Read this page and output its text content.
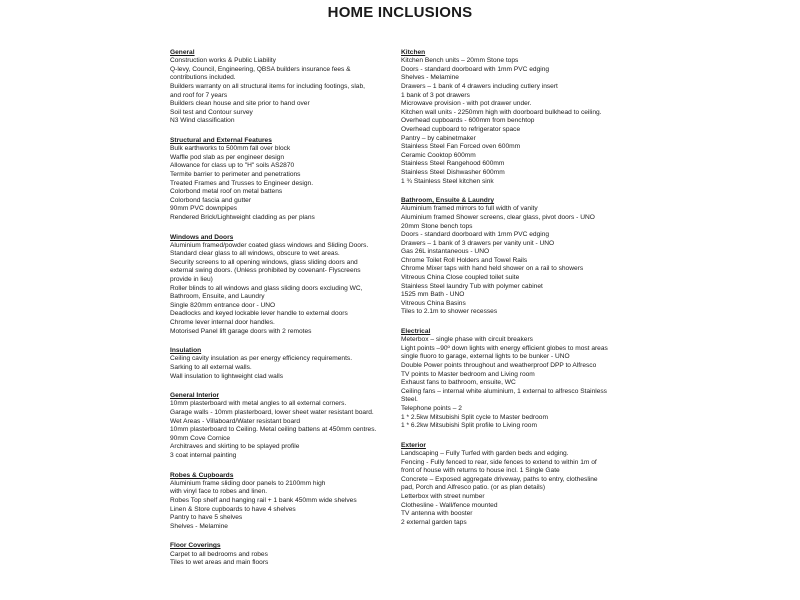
HOME INCLUSIONS
General
Construction works & Public Liability
Q-levy, Council, Engineering, QBSA builders insurance fees &
contributions included.
Builders warranty on all structural items for including footings, slab,
and roof for 7 years
Builders clean house and site prior to hand over
Soil test and Contour survey
N3 Wind classification
Structural and External Features
Bulk earthworks to 500mm fall over block
Waffle pod slab as per engineer design
Allowance for class up to "H" soils AS2870
Termite barrier to perimeter and penetrations
Treated Frames and Trusses to Engineer design.
Colorbond metal roof on metal battens
Colorbond fascia and gutter
90mm PVC downpipes
Rendered Brick/Lightweight cladding as per plans
Windows and Doors
Aluminium framed/powder coated glass windows and Sliding Doors.
Standard clear glass to all windows, obscure to wet areas.
Security screens to all opening windows, glass sliding doors and
external swing doors. (Unless prohibited by covenant- Flyscreens
provide in lieu)
Roller blinds to all windows and glass sliding doors excluding WC,
Bathroom, Ensuite, and Laundry
Single 820mm entrance door - UNO
Deadlocks and keyed lockable lever handle to external doors
Chrome lever internal door handles.
Motorised Panel lift garage doors with 2 remotes
Insulation
Ceiling cavity insulation as per energy efficiency requirements.
Sarking to all external walls.
Wall insulation to lightweight clad walls
General Interior
10mm plasterboard with metal angles to all external corners.
Garage walls - 10mm plasterboard, lower sheet water resistant board.
Wet Areas - Villaboard/Water resistant board
10mm plasterboard to Ceiling. Metal ceiling battens at 450mm centres.
90mm Cove Cornice
Architraves and skirting to be splayed profile
3 coat internal painting
Robes & Cupboards
Aluminium frame sliding door panels to 2100mm high
with vinyl face to robes and linen.
Robes Top shelf and hanging rail + 1 bank 450mm wide shelves
Linen & Store cupboards to have 4 shelves
Pantry to have 5 shelves
Shelves - Melamine
Floor Coverings
Carpet to all bedrooms and robes
Tiles to wet areas and main floors
Kitchen
Kitchen Bench units – 20mm Stone tops
Doors - standard doorboard with 1mm PVC edging
Shelves - Melamine
Drawers – 1 bank of 4 drawers including cutlery insert
1 bank of 3 pot drawers
Microwave provision - with pot drawer under.
Kitchen wall units - 2250mm high with doorboard bulkhead to ceiling.
Overhead cupboards - 600mm from benchtop
Overhead cupboard to refrigerator space
Pantry – by cabinetmaker
Stainless Steel Fan Forced oven 600mm
Ceramic Cooktop 600mm
Stainless Steel Rangehood 600mm
Stainless Steel Dishwasher 600mm
1 ¾ Stainless Steel kitchen sink
Bathroom, Ensuite & Laundry
Aluminium framed mirrors to full width of vanity
Aluminium framed Shower screens, clear glass, pivot doors - UNO
20mm Stone bench tops
Doors - standard doorboard with 1mm PVC edging
Drawers – 1 bank of 3 drawers per vanity unit - UNO
Gas 26L instantaneous - UNO
Chrome Toilet Roll Holders and Towel Rails
Chrome Mixer taps with hand held shower on a rail to showers
Vitreous China Close coupled toilet suite
Stainless Steel laundry Tub with polymer cabinet
1525 mm Bath - UNO
Vitreous China Basins
Tiles to 2.1m to shower recesses
Electrical
Meterbox – single phase with circuit breakers
Light points –90º down lights with energy efficient globes to most areas
single fluoro to garage, external lights to be bunker - UNO
Double Power points throughout and weatherproof DPP to Alfresco
TV points to Master bedroom and Living room
Exhaust fans to bathroom, ensuite, WC
Ceiling fans – internal white aluminium, 1 external to alfresco Stainless
Steel.
Telephone points – 2
1 * 2.5kw Mitsubishi Split cycle to Master bedroom
1 * 6.2kw Mitsubishi Split profile to Living room
Exterior
Landscaping – Fully Turfed with garden beds and edging.
Fencing - Fully fenced to rear, side fences to extend to within 1m of
front of house with returns to house incl. 1 Single Gate
Concrete – Exposed aggregate driveway, paths to entry, clothesline
pad, Porch and Alfresco patio. (or as plan details)
Letterbox with street number
Clothesline - Wall/fence mounted
TV antenna with booster
2 external garden taps
